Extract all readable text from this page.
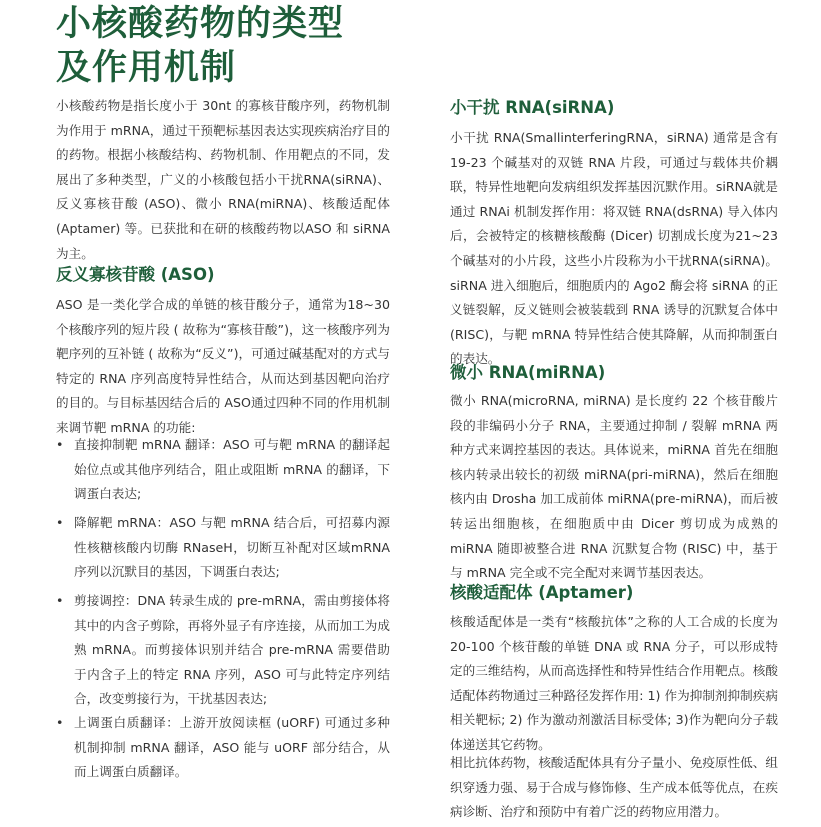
小核酸药物的类型
及作用机制

小核酸药物是指长度小于 30nt 的寡核苷酸序列，药物机制为作用于 mRNA，通过干预靶标基因表达实现疾病治疗目的的药物。根据小核酸结构、药物机制、作用靶点的不同，发展出了多种类型，广义的小核酸包括小干扰RNA(siRNA)、反义寡核苷酸 (ASO)、微小 RNA(miRNA)、核酸适配体 (Aptamer) 等。已获批和在研的核酸药物以ASO 和 siRNA 为主。

反义寡核苷酸 (ASO)

ASO 是一类化学合成的单链的核苷酸分子，通常为18~30 个核酸序列的短片段 ( 故称为“寡核苷酸”)，这一核酸序列为靶序列的互补链 ( 故称为“反义”)，可通过碱基配对的方式与特定的 RNA 序列高度特异性结合，从而达到基因靶向治疗的目的。与目标基因结合后的 ASO通过四种不同的作用机制来调节靶 mRNA 的功能:

• 直接抑制靶 mRNA 翻译：ASO 可与靶 mRNA 的翻译起始位点或其他序列结合，阻止或阻断 mRNA 的翻译，下调蛋白表达;
• 降解靶 mRNA：ASO 与靶 mRNA 结合后，可招募内源性核糖核酸内切酶 RNaseH，切断互补配对区域mRNA 序列以沉默目的基因，下调蛋白表达;
• 剪接调控：DNA 转录生成的 pre-mRNA，需由剪接体将其中的内含子剪除，再将外显子有序连接，从而加工为成熟 mRNA。而剪接体识别并结合 pre-mRNA 需要借助于内含子上的特定 RNA 序列，ASO 可与此特定序列结合，改变剪接行为，干扰基因表达;
• 上调蛋白质翻译：上游开放阅读框 (uORF) 可通过多种机制抑制 mRNA 翻译，ASO 能与 uORF 部分结合，从而上调蛋白质翻译。
小干扰 RNA(siRNA)

小干扰 RNA(SmallinterferingRNA，siRNA) 通常是含有19-23 个碱基对的双链 RNA 片段，可通过与载体共价耦联，特异性地靶向发病组织发挥基因沉默作用。siRNA就是通过 RNAi 机制发挥作用：将双链 RNA(dsRNA) 导入体内后，会被特定的核糖核酸酶 (Dicer) 切割成长度为21~23 个碱基对的小片段，这些小片段称为小干扰RNA(siRNA)。siRNA 进入细胞后，细胞质内的 Ago2 酶会将 siRNA 的正义链裂解，反义链则会被装载到 RNA 诱导的沉默复合体中 (RISC)，与靶 mRNA 特异性结合使其降解，从而抑制蛋白的表达。

微小 RNA(miRNA)

微小 RNA(microRNA, miRNA) 是长度约 22 个核苷酸片段的非编码小分子 RNA，主要通过抑制 / 裂解 mRNA 两种方式来调控基因的表达。具体说来，miRNA 首先在细胞核内转录出较长的初级 miRNA(pri-miRNA)，然后在细胞核内由 Drosha 加工成前体 miRNA(pre-miRNA)，而后被转运出细胞核，在细胞质中由 Dicer 剪切成为成熟的miRNA 随即被整合进 RNA 沉默复合物 (RISC) 中，基于与 mRNA 完全或不完全配对来调节基因表达。

核酸适配体 (Aptamer)

核酸适配体是一类有“核酸抗体”之称的人工合成的长度为 20-100 个核苷酸的单链 DNA 或 RNA 分子，可以形成特定的三维结构，从而高选择性和特异性结合作用靶点。核酸适配体药物通过三种路径发挥作用: 1) 作为抑制剂抑制疾病相关靶标; 2) 作为激动剂激活目标受体; 3)作为靶向分子载体递送其它药物。

相比抗体药物，核酸适配体具有分子量小、免疫原性低、组织穿透力强、易于合成与修饰修、生产成本低等优点，在疾病诊断、治疗和预防中有着广泛的药物应用潜力。
